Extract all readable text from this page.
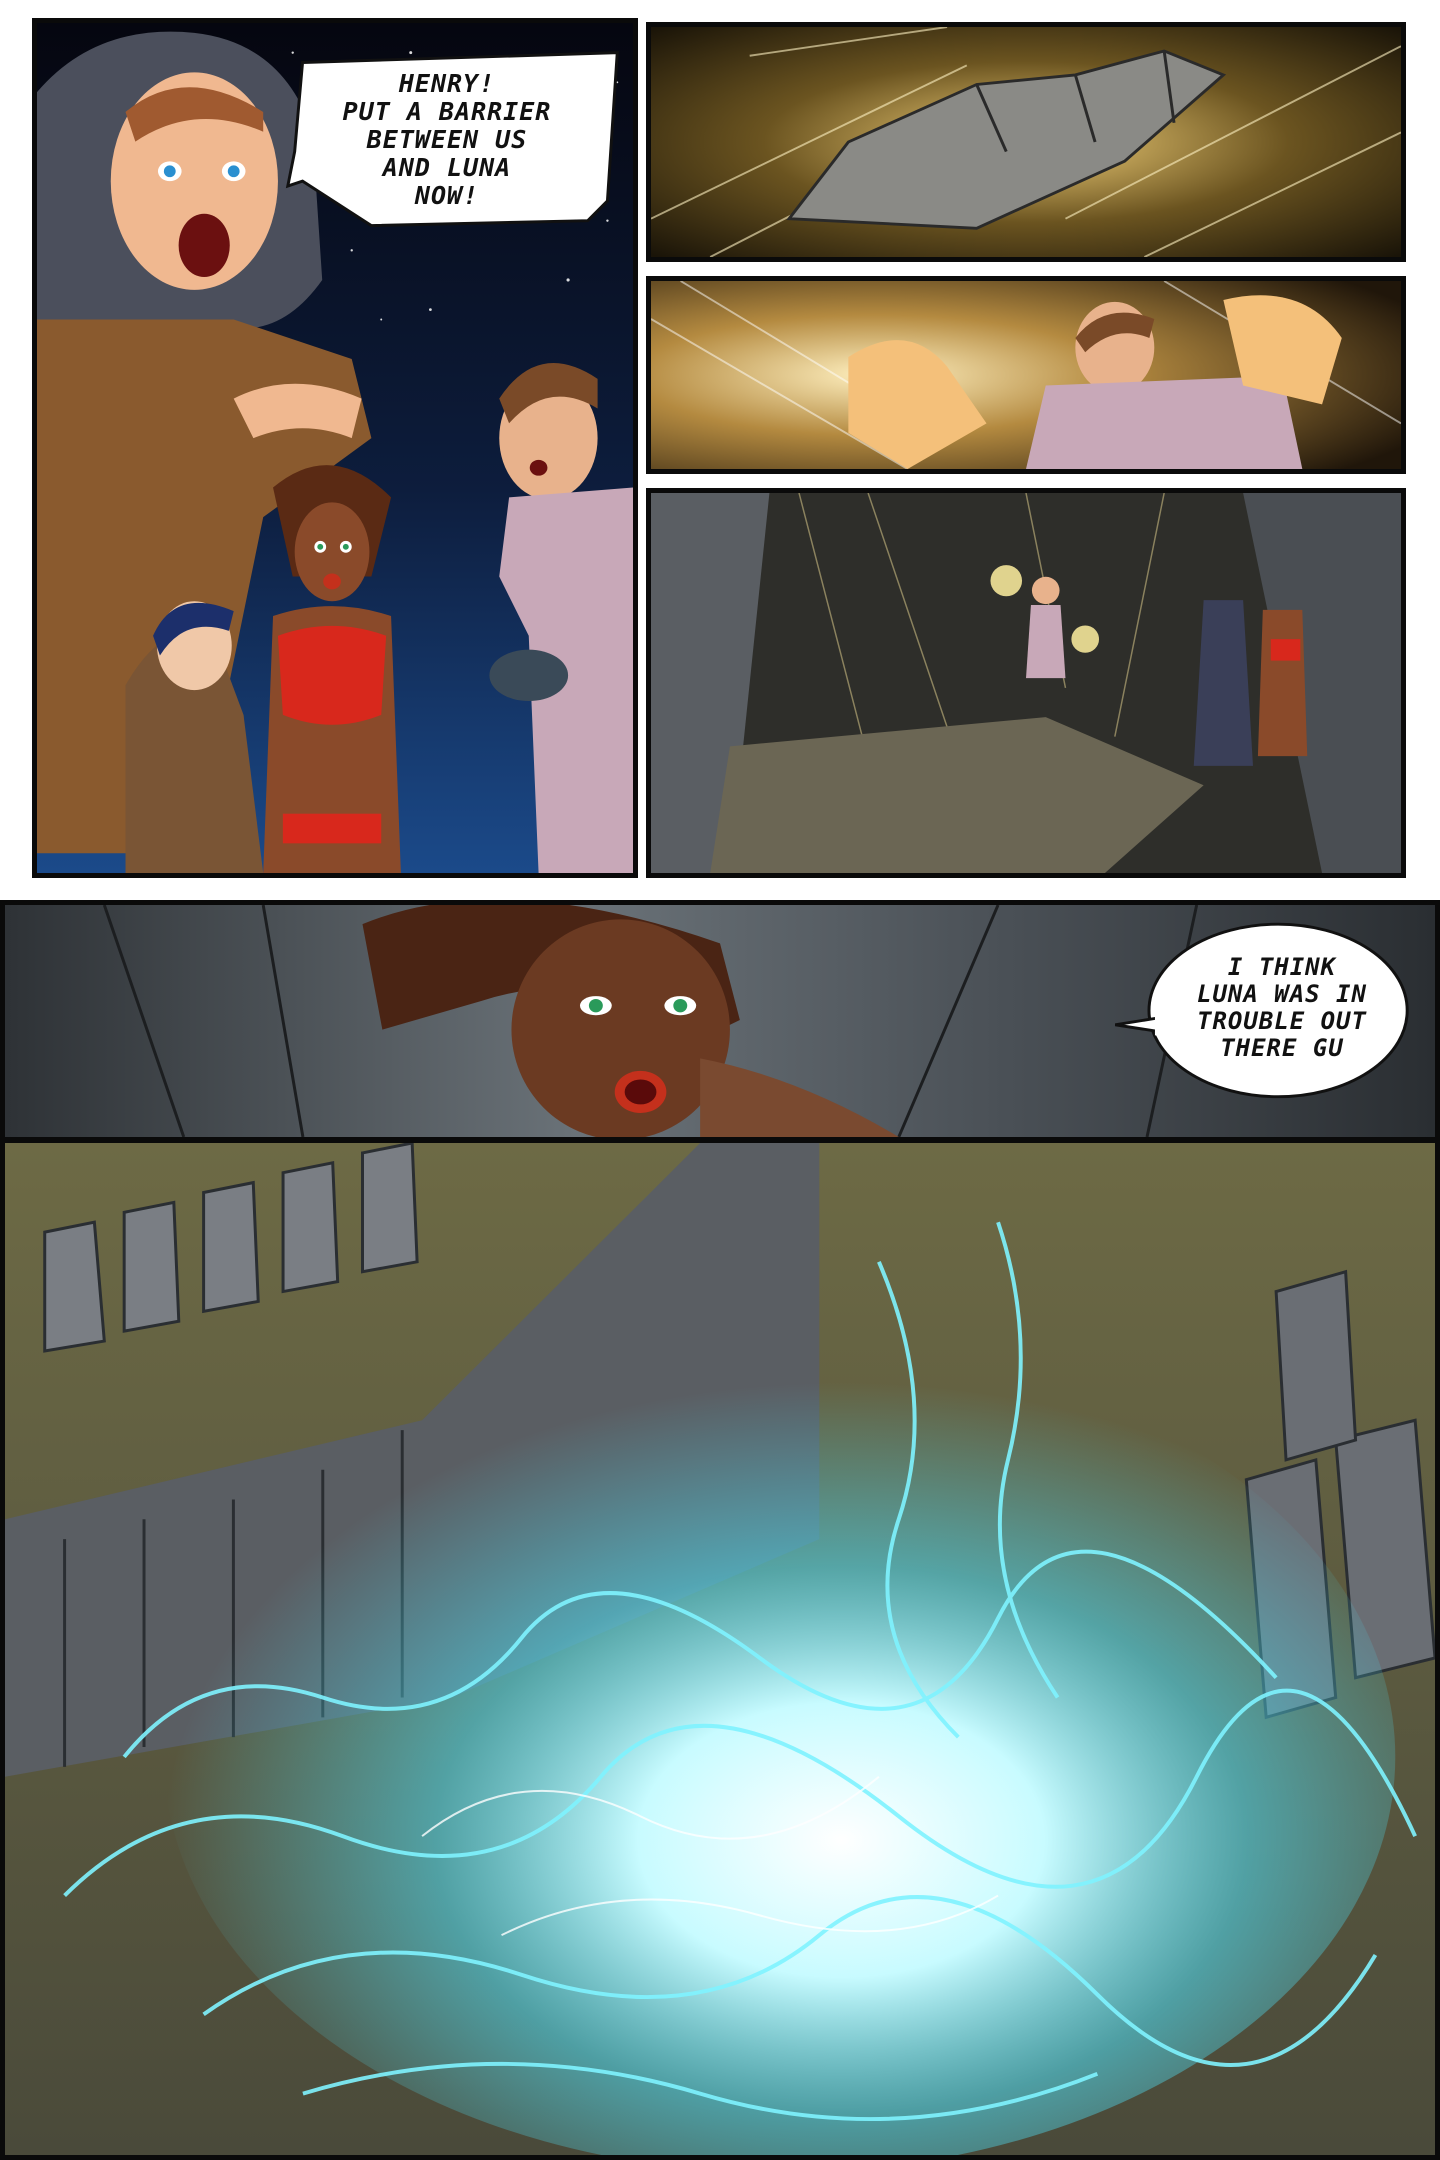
HENRY!
PUT A BARRIER
BETWEEN US
AND LUNA
NOW!
I THINK
LUNA WAS IN
TROUBLE OUT
THERE GU
